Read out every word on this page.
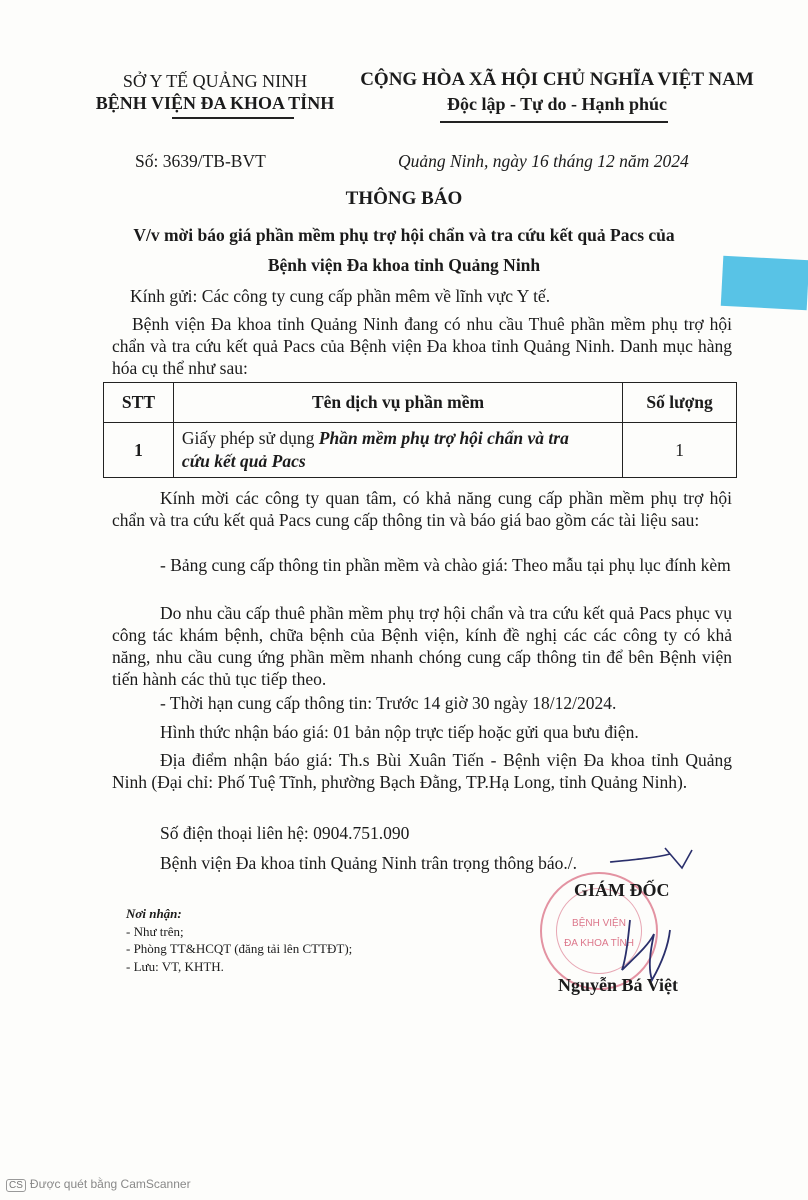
SỞ Y TẾ QUẢNG NINH
BỆNH VIỆN ĐA KHOA TỈNH
CỘNG HÒA XÃ HỘI CHỦ NGHĨA VIỆT NAM
Độc lập - Tự do - Hạnh phúc
Số: 3639/TB-BVT	Quảng Ninh, ngày 16 tháng 12 năm 2024
THÔNG BÁO
V/v mời báo giá phần mềm phụ trợ hội chẩn và tra cứu kết quả Pacs của
Bệnh viện Đa khoa tỉnh Quảng Ninh
Kính gửi: Các công ty cung cấp phần mêm về lĩnh vực Y tế.
Bệnh viện Đa khoa tỉnh Quảng Ninh đang có nhu cầu Thuê phần mềm phụ trợ hội chẩn và tra cứu kết quả Pacs của Bệnh viện Đa khoa tỉnh Quảng Ninh. Danh mục hàng hóa cụ thể như sau:
STT	Tên dịch vụ phần mềm	Số lượng
1	Giấy phép sử dụng Phần mềm phụ trợ hội chẩn và tra
cứu kết quả Pacs	1
Kính mời các công ty quan tâm, có khả năng cung cấp phần mềm phụ trợ hội chẩn và tra cứu kết quả Pacs cung cấp thông tin và báo giá bao gồm các tài liệu sau:
- Bảng cung cấp thông tin phần mềm và chào giá: Theo mẫu tại phụ lục đính kèm
Do nhu cầu cấp thuê phần mềm phụ trợ hội chẩn và tra cứu kết quả Pacs phục vụ công tác khám bệnh, chữa bệnh của Bệnh viện, kính đề nghị các các công ty có khả năng, nhu cầu cung ứng phần mềm nhanh chóng cung cấp thông tin để bên Bệnh viện tiến hành các thủ tục tiếp theo.
- Thời hạn cung cấp thông tin: Trước 14 giờ 30 ngày 18/12/2024.
Hình thức nhận báo giá: 01 bản nộp trực tiếp hoặc gửi qua bưu điện.
Địa điểm nhận báo giá: Th.s Bùi Xuân Tiến - Bệnh viện Đa khoa tỉnh Quảng Ninh (Đại chỉ: Phố Tuệ Tĩnh, phường Bạch Đằng, TP.Hạ Long, tỉnh Quảng Ninh).
Số điện thoại liên hệ: 0904.751.090
Bệnh viện Đa khoa tỉnh Quảng Ninh trân trọng thông báo./.
Nơi nhận:
- Như trên;
- Phòng TT&HCQT (đăng tải lên CTTĐT);
- Lưu: VT, KHTH.
BỆNH VIỆN
ĐA KHOA TỈNH
GIÁM ĐỐC
Nguyễn Bá Việt
CS Được quét bằng CamScanner
